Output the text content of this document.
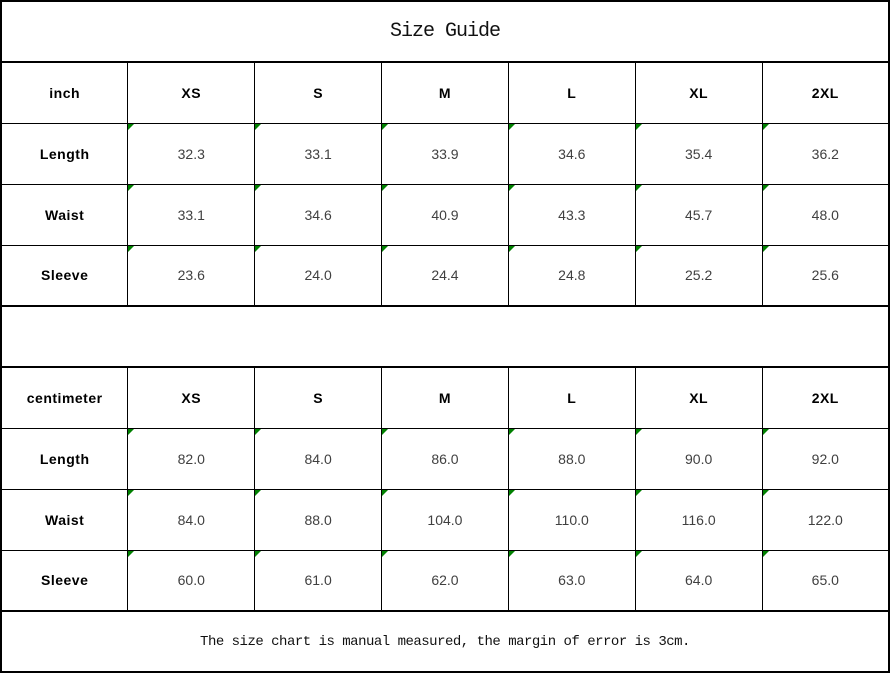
Size Guide						
inch	XS	S	M	L	XL	2XL
Length	32.3	33.1	33.9	34.6	35.4	36.2
Waist	33.1	34.6	40.9	43.3	45.7	48.0
Sleeve	23.6	24.0	24.4	24.8	25.2	25.6

centimeter	XS	S	M	L	XL	2XL
Length	82.0	84.0	86.0	88.0	90.0	92.0
Waist	84.0	88.0	104.0	110.0	116.0	122.0
Sleeve	60.0	61.0	62.0	63.0	64.0	65.0
The size chart is manual measured, the margin of error is 3cm.						
